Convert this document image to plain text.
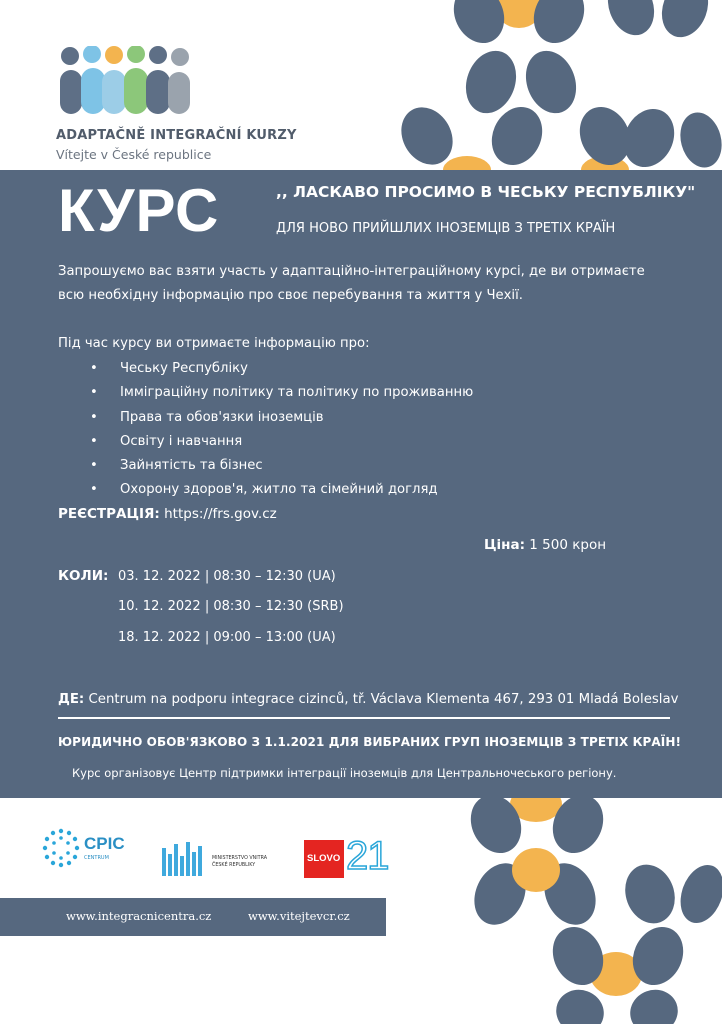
ADAPTAČNĚ INTEGRAČNÍ KURZY
Vítejte v České republice
КУРС	,, ЛАСКАВО ПРОСИМО В ЧЕСЬКУ РЕСПУБЛІКУ"
ДЛЯ НОВО ПРИЙШЛИХ ІНОЗЕМЦІВ З ТРЕТІХ КРАЇН
Запрошуємо вас взяти участь у адаптаційно-інтеграційному курсі, де ви отримаєте всю необхідну інформацію про своє перебування та життя у Чехії.
Під час курсу ви отримаєте інформацію про:
• Чеську Республіку
• Імміграційну політику та політику по проживанню
• Права та обов'язки іноземців
• Освіту і навчання
• Зайнятість та бізнес
• Охорону здоров'я, житло та сімейний догляд
РЕЄСТРАЦІЯ: https://frs.gov.cz
Ціна: 1 500 крон
КОЛИ: 03. 12. 2022 | 08:30 – 12:30 (UA)
10. 12. 2022 | 08:30 – 12:30 (SRB)
18. 12. 2022 | 09:00 – 13:00 (UA)
ДЕ: Centrum na podporu integrace cizinců, tř. Václava Klementa 467, 293 01 Mladá Boleslav
ЮРИДИЧНО ОБОВ'ЯЗКОВО З 1.1.2021 ДЛЯ ВИБРАНИХ ГРУП ІНОЗЕМЦІВ З ТРЕТІХ КРАЇН!
Курс організовує Центр підтримки інтеграції іноземців для Центральночеського регіону.
CPIC
CENTRUM	MINISTERSTVO VNITRA
ČESKÉ REPUBLIKY
SLOVO 21
www.integracnicentra.cz	www.vitejtevcr.cz
